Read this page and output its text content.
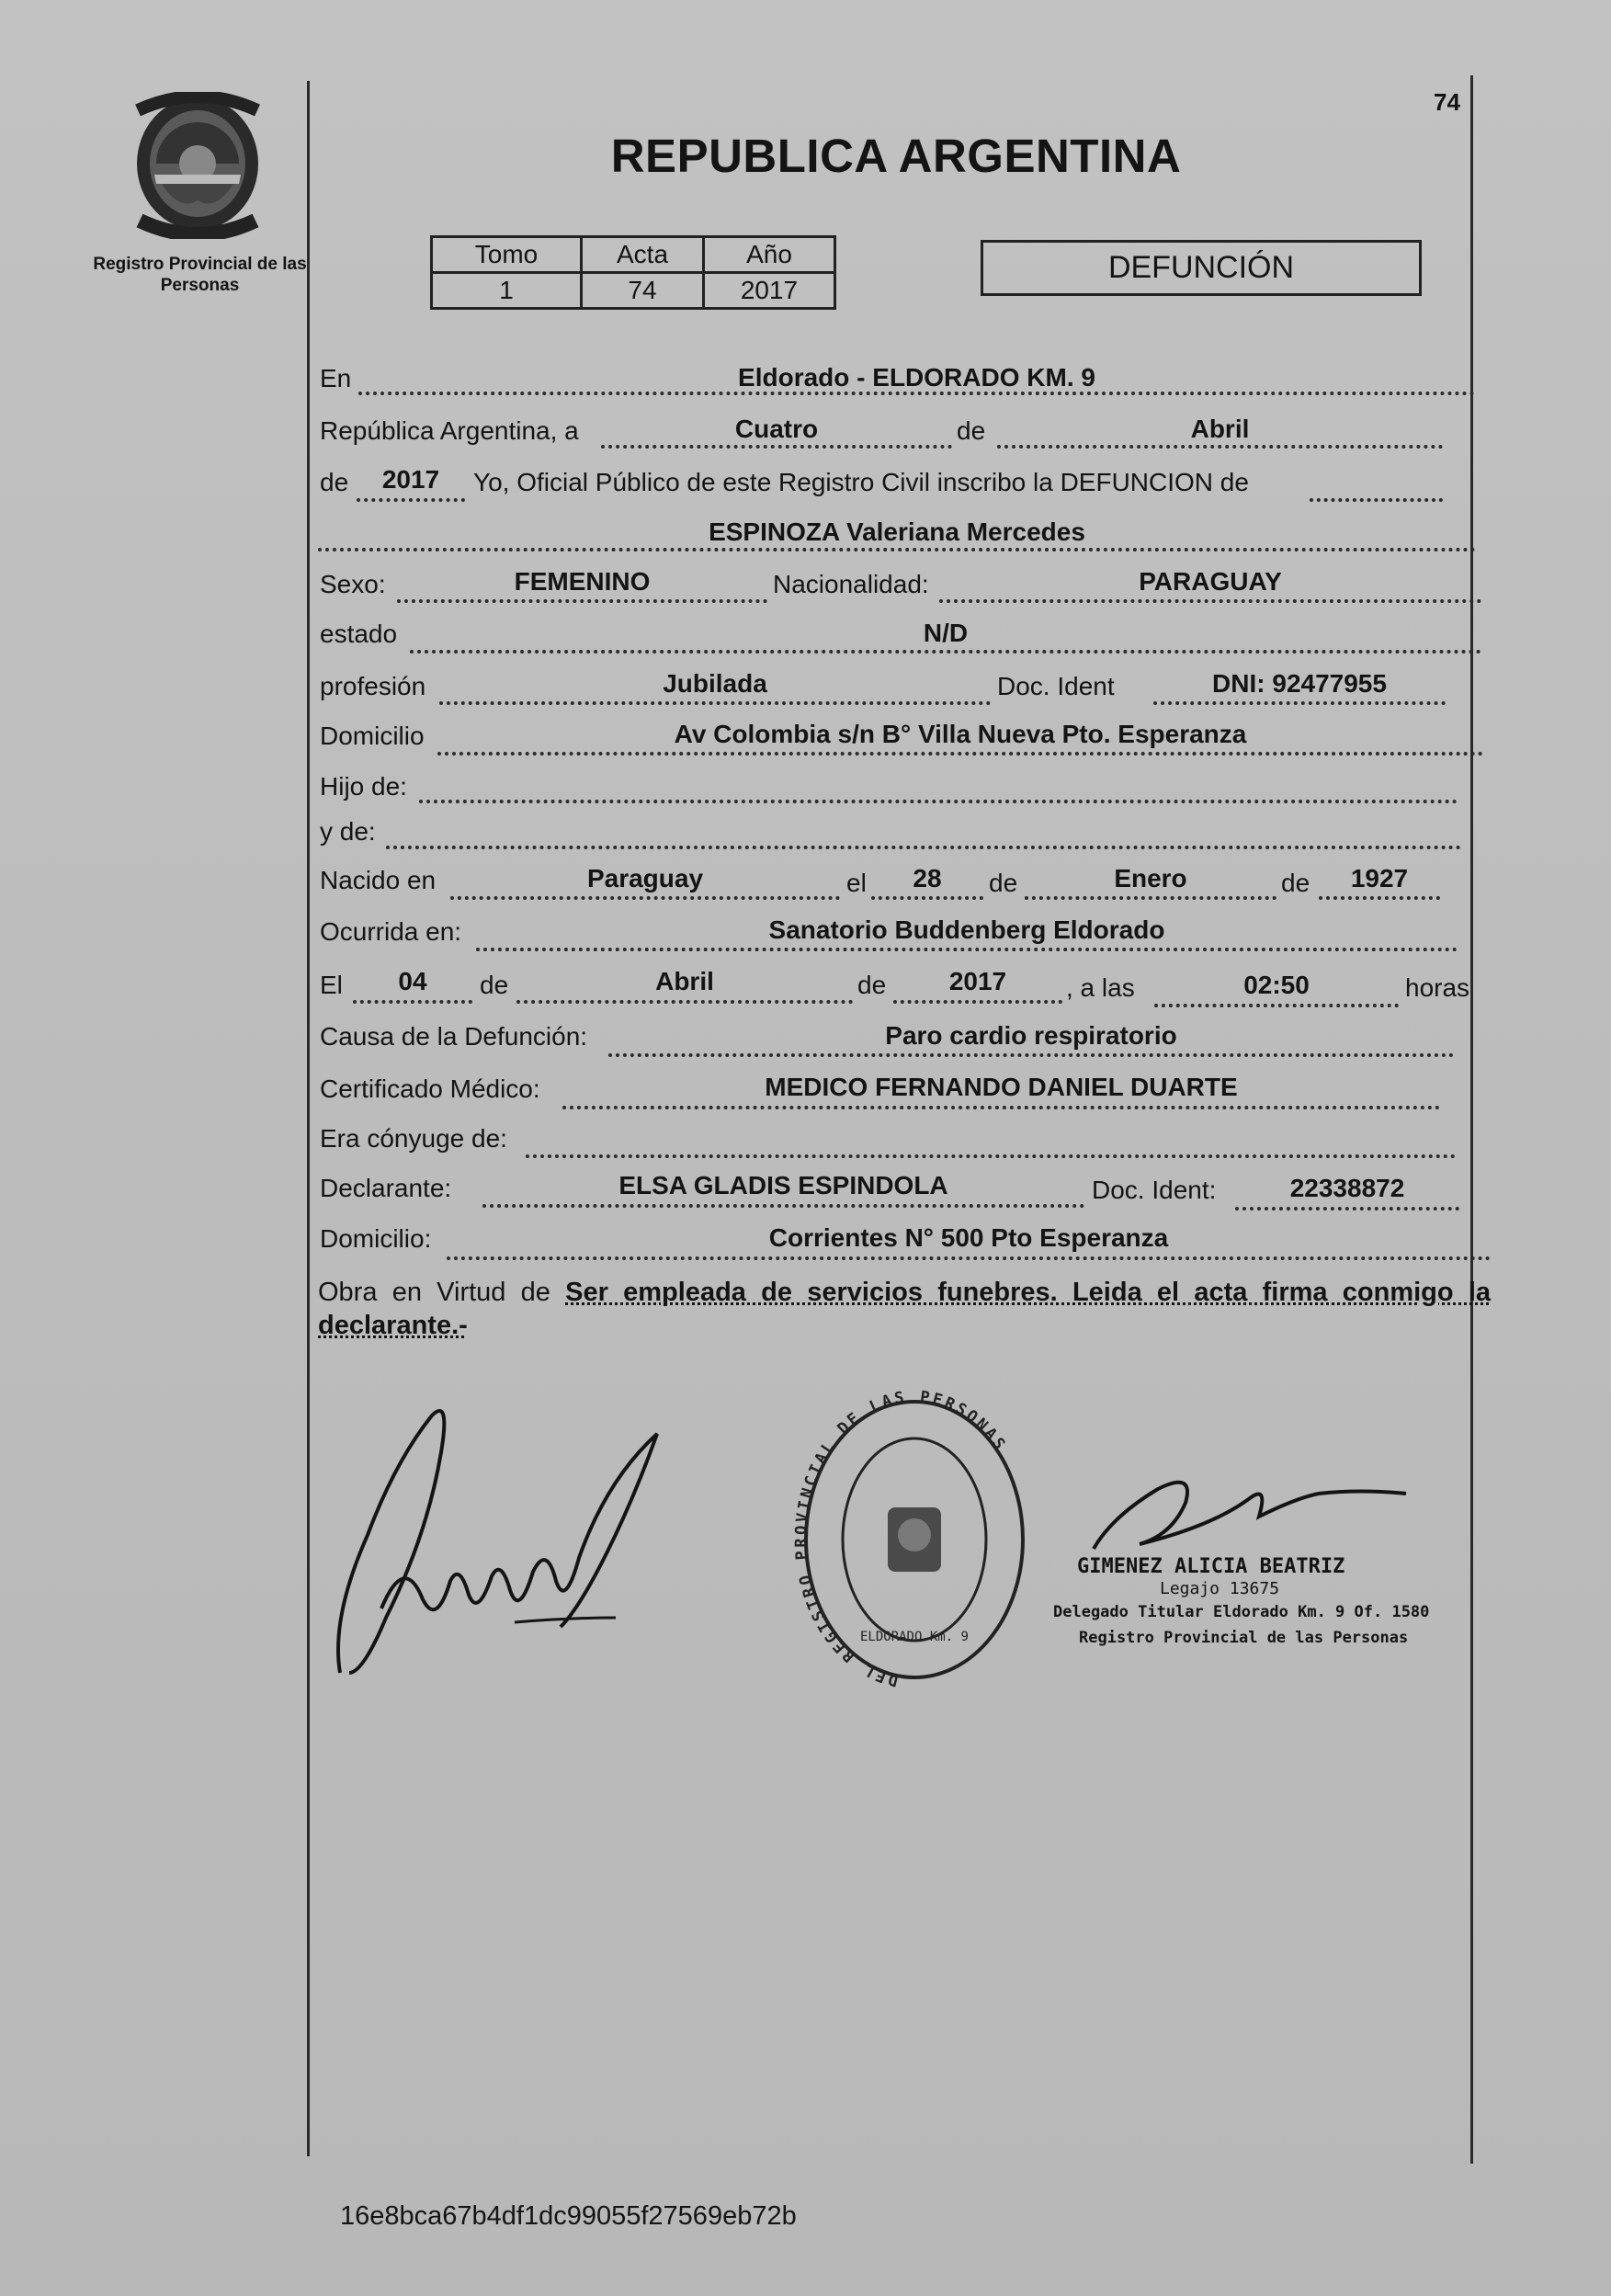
Registro Provincial de las Personas
74
REPUBLICA ARGENTINA
Tomo	Acta	Año
1	74	2017
DEFUNCIÓN
En	Eldorado - ELDORADO KM. 9
República Argentina, a	Cuatro	de	Abril
de	2017	Yo, Oficial Público de este Registro Civil inscribo la DEFUNCION de
ESPINOZA Valeriana Mercedes
Sexo:	FEMENINO	Nacionalidad:	PARAGUAY
estado	N/D
profesión	Jubilada	Doc. Ident	DNI: 92477955
Domicilio	Av Colombia s/n B° Villa Nueva Pto. Esperanza
Hijo de:
y de:
Nacido en	Paraguay	el	28	de	Enero	de	1927
Ocurrida en:	Sanatorio Buddenberg Eldorado
El	04	de	Abril	de	2017	, a las	02:50	horas
Causa de la Defunción:	Paro cardio respiratorio
Certificado Médico:	MEDICO FERNANDO DANIEL DUARTE
Era cónyuge de:
Declarante:	ELSA GLADIS ESPINDOLA	Doc. Ident:	22338872
Domicilio:	Corrientes N° 500 Pto Esperanza
Obra en Virtud de Ser empleada de servicios funebres. Leida el acta firma conmigo la declarante.-
DEL REGISTRO PROVINCIAL DE LAS PERSONAS
ELDORADO Km. 9
GIMENEZ ALICIA BEATRIZ
Legajo 13675
Delegado Titular Eldorado Km. 9 Of. 1580
Registro Provincial de las Personas
16e8bca67b4df1dc99055f27569eb72b
